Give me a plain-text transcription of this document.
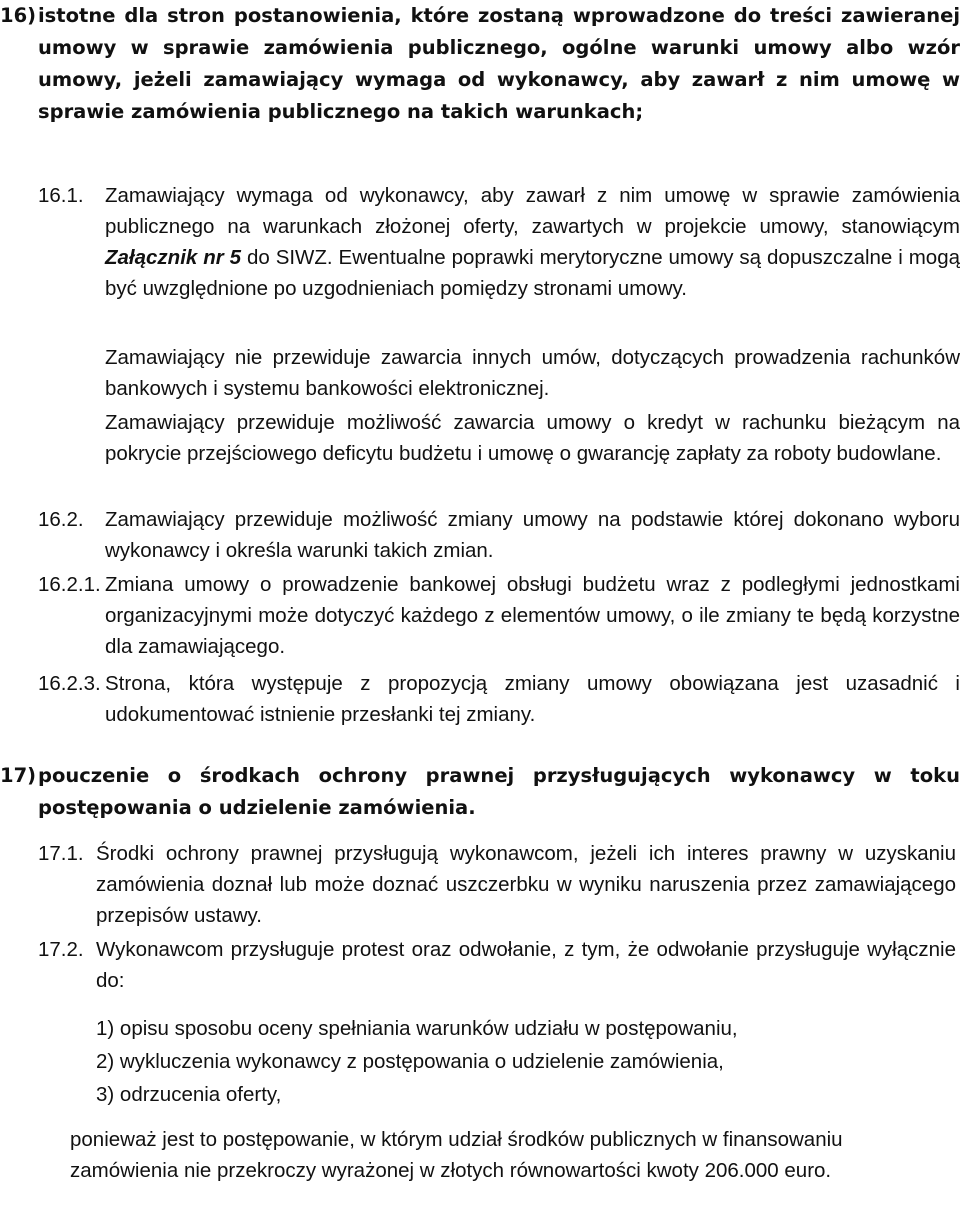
16) istotne dla stron postanowienia, które zostaną wprowadzone do treści zawieranej umowy w sprawie zamówienia publicznego, ogólne warunki umowy albo wzór umowy, jeżeli zamawiający wymaga od wykonawcy, aby zawarł z nim umowę w sprawie zamówienia publicznego na takich warunkach;

16.1. Zamawiający wymaga od wykonawcy, aby zawarł z nim umowę w sprawie zamówienia publicznego na warunkach złożonej oferty, zawartych w projekcie umowy, stanowiącym Załącznik nr 5 do SIWZ. Ewentualne poprawki merytoryczne umowy są dopuszczalne i mogą być uwzględnione po uzgodnieniach pomiędzy stronami umowy.

Zamawiający nie przewiduje zawarcia innych umów, dotyczących prowadzenia rachunków bankowych i systemu bankowości elektronicznej.

Zamawiający przewiduje możliwość zawarcia umowy o kredyt w rachunku bieżącym na pokrycie przejściowego deficytu budżetu i umowę o gwarancję zapłaty za roboty budowlane.

16.2. Zamawiający przewiduje możliwość zmiany umowy na podstawie której dokonano wyboru wykonawcy i określa warunki takich zmian.

16.2.1. Zmiana umowy o prowadzenie bankowej obsługi budżetu wraz z podległymi jednostkami organizacyjnymi może dotyczyć każdego z elementów umowy, o ile zmiany te będą korzystne dla zamawiającego.

16.2.3. Strona, która występuje z propozycją zmiany umowy obowiązana jest uzasadnić i udokumentować istnienie przesłanki tej zmiany.

17) pouczenie o środkach ochrony prawnej przysługujących wykonawcy w toku postępowania o udzielenie zamówienia.

17.1. Środki ochrony prawnej przysługują wykonawcom, jeżeli ich interes prawny w uzyskaniu zamówienia doznał lub może doznać uszczerbku w wyniku naruszenia przez zamawiającego przepisów ustawy.

17.2. Wykonawcom przysługuje protest oraz odwołanie, z tym, że odwołanie przysługuje wyłącznie do:

1) opisu sposobu oceny spełniania warunków udziału w postępowaniu,
2) wykluczenia wykonawcy z postępowania o udzielenie zamówienia,
3) odrzucenia oferty,

ponieważ jest to postępowanie, w którym udział środków publicznych w finansowaniu zamówienia nie przekroczy wyrażonej w złotych równowartości kwoty 206.000 euro.
